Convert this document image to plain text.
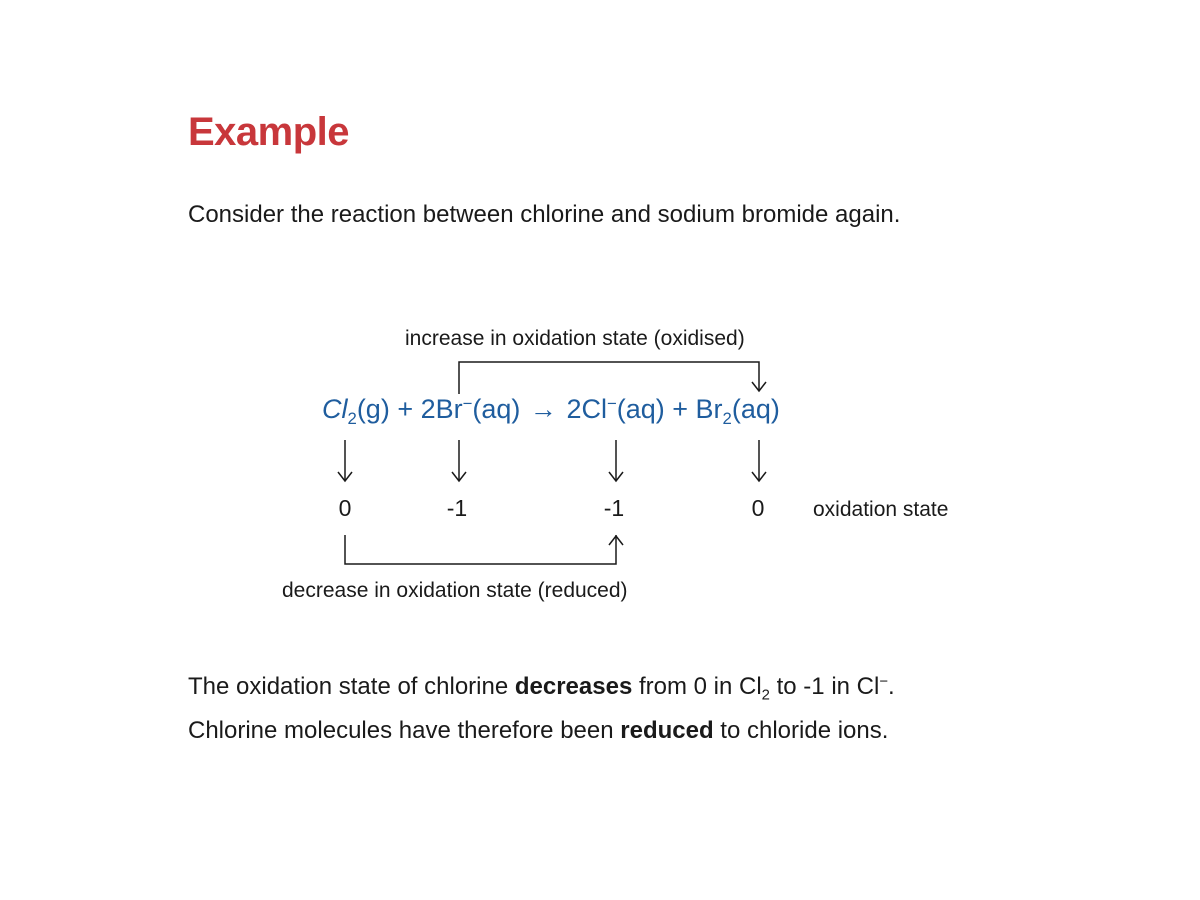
Example
Consider the reaction between chlorine and sodium bromide again.
increase in oxidation state (oxidised)
$Cl_2(g) + 2Br^-(aq) \to 2Cl^-(aq) + Br_2(aq)$
0	-1	-1	0 oxidation state
decrease in oxidation state (reduced)
The oxidation state of chlorine decreases from 0 in $Cl_2$ to -1 in Cl−.
Chlorine molecules have therefore been reduced to chloride ions.
